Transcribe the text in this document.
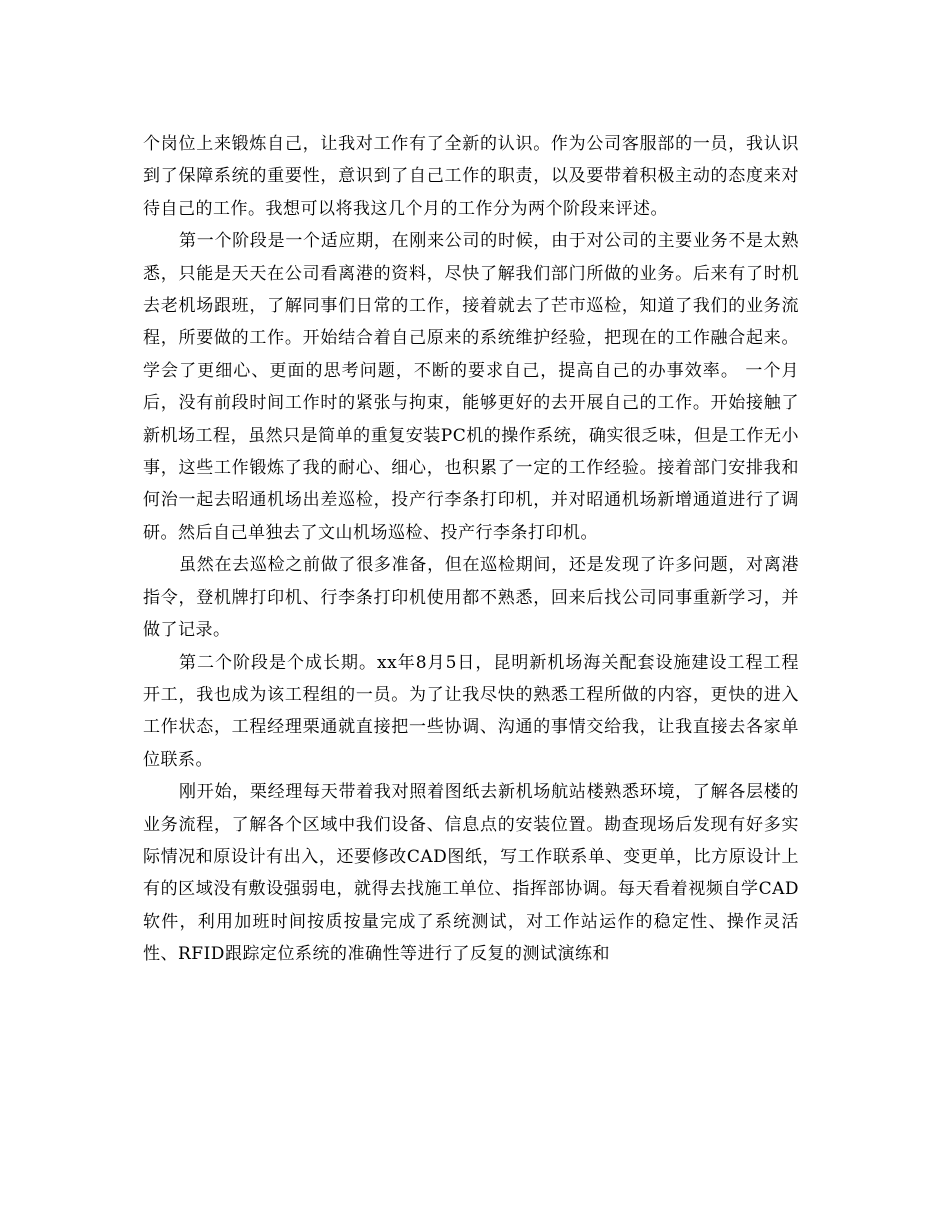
个岗位上来锻炼自己，让我对工作有了全新的认识。作为公司客服部的一员，我认识到了保障系统的重要性，意识到了自己工作的职责，以及要带着积极主动的态度来对待自己的工作。我想可以将我这几个月的工作分为两个阶段来评述。

第一个阶段是一个适应期，在刚来公司的时候，由于对公司的主要业务不是太熟悉，只能是天天在公司看离港的资料，尽快了解我们部门所做的业务。后来有了时机去老机场跟班，了解同事们日常的工作，接着就去了芒市巡检，知道了我们的业务流程，所要做的工作。开始结合着自己原来的系统维护经验，把现在的工作融合起来。学会了更细心、更面的思考问题，不断的要求自己，提高自己的办事效率。 一个月后，没有前段时间工作时的紧张与拘束，能够更好的去开展自己的工作。开始接触了新机场工程，虽然只是简单的重复安装PC机的操作系统，确实很乏味，但是工作无小事，这些工作锻炼了我的耐心、细心，也积累了一定的工作经验。接着部门安排我和何治一起去昭通机场出差巡检，投产行李条打印机，并对昭通机场新增通道进行了调研。然后自己单独去了文山机场巡检、投产行李条打印机。

虽然在去巡检之前做了很多准备，但在巡检期间，还是发现了许多问题，对离港指令，登机牌打印机、行李条打印机使用都不熟悉，回来后找公司同事重新学习，并做了记录。

第二个阶段是个成长期。xx年8月5日，昆明新机场海关配套设施建设工程工程开工，我也成为该工程组的一员。为了让我尽快的熟悉工程所做的内容，更快的进入工作状态，工程经理栗通就直接把一些协调、沟通的事情交给我，让我直接去各家单位联系。

刚开始，栗经理每天带着我对照着图纸去新机场航站楼熟悉环境，了解各层楼的业务流程，了解各个区域中我们设备、信息点的安装位置。勘查现场后发现有好多实际情况和原设计有出入，还要修改CAD图纸，写工作联系单、变更单，比方原设计上有的区域没有敷设强弱电，就得去找施工单位、指挥部协调。每天看着视频自学CAD软件，利用加班时间按质按量完成了系统测试，对工作站运作的稳定性、操作灵活性、RFID跟踪定位系统的准确性等进行了反复的测试演练和
